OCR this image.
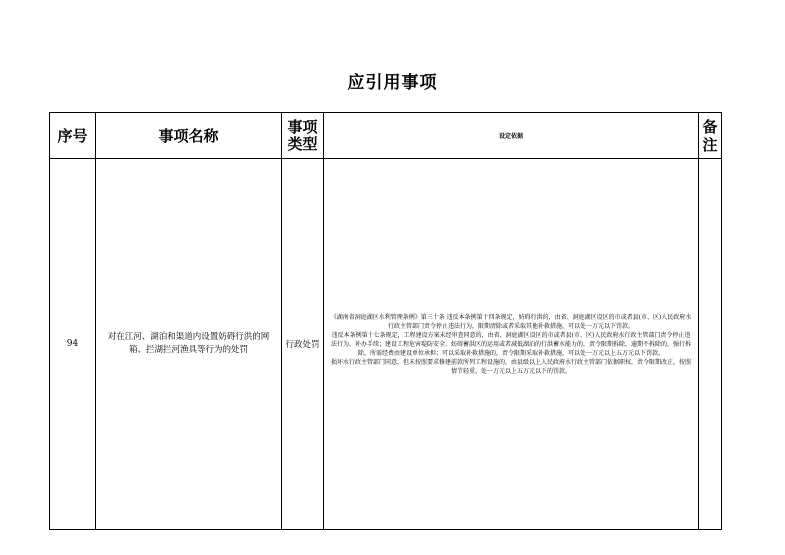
应引用事项
序号	事项名称	事项类型	设定依据	备注
94	对在江河、湖泊和渠道内设置妨碍行洪的网箱、拦湖拦河渔具等行为的处罚	行政处罚	《湖南省洞庭湖区水利管理条例》第三十条 违反本条例第十四条规定，妨碍行洪的，由省、洞庭湖区设区的市或者县(市、区)人民政府水行政主管部门责令停止违法行为，限期清除或者采取其他补救措施，可以处一万元以下罚款。

违反本条例第十七条规定，工程建设方案未经审查同意的，由省、洞庭湖区设区的市或者县(市、区)人民政府水行政主管部门责令停止违法行为，补办手续；建设工程危害堤防安全、妨碍蓄洪区的运用或者减低湖泊的行洪蓄水能力的，责令限期拆除，逾期不拆除的，强行拆除，所需经费由建设单位承担；可以采取补救措施的，责令限期采取补救措施，可以处一万元以上五万元以下罚款。

损坏水行政主管部门同意，但未按照要求修建前款所列工程设施的，由县级以上人民政府水行政主管部门依据职权，责令限期改正，按照情节轻重，处一万元以上五万元以下的罚款。	
